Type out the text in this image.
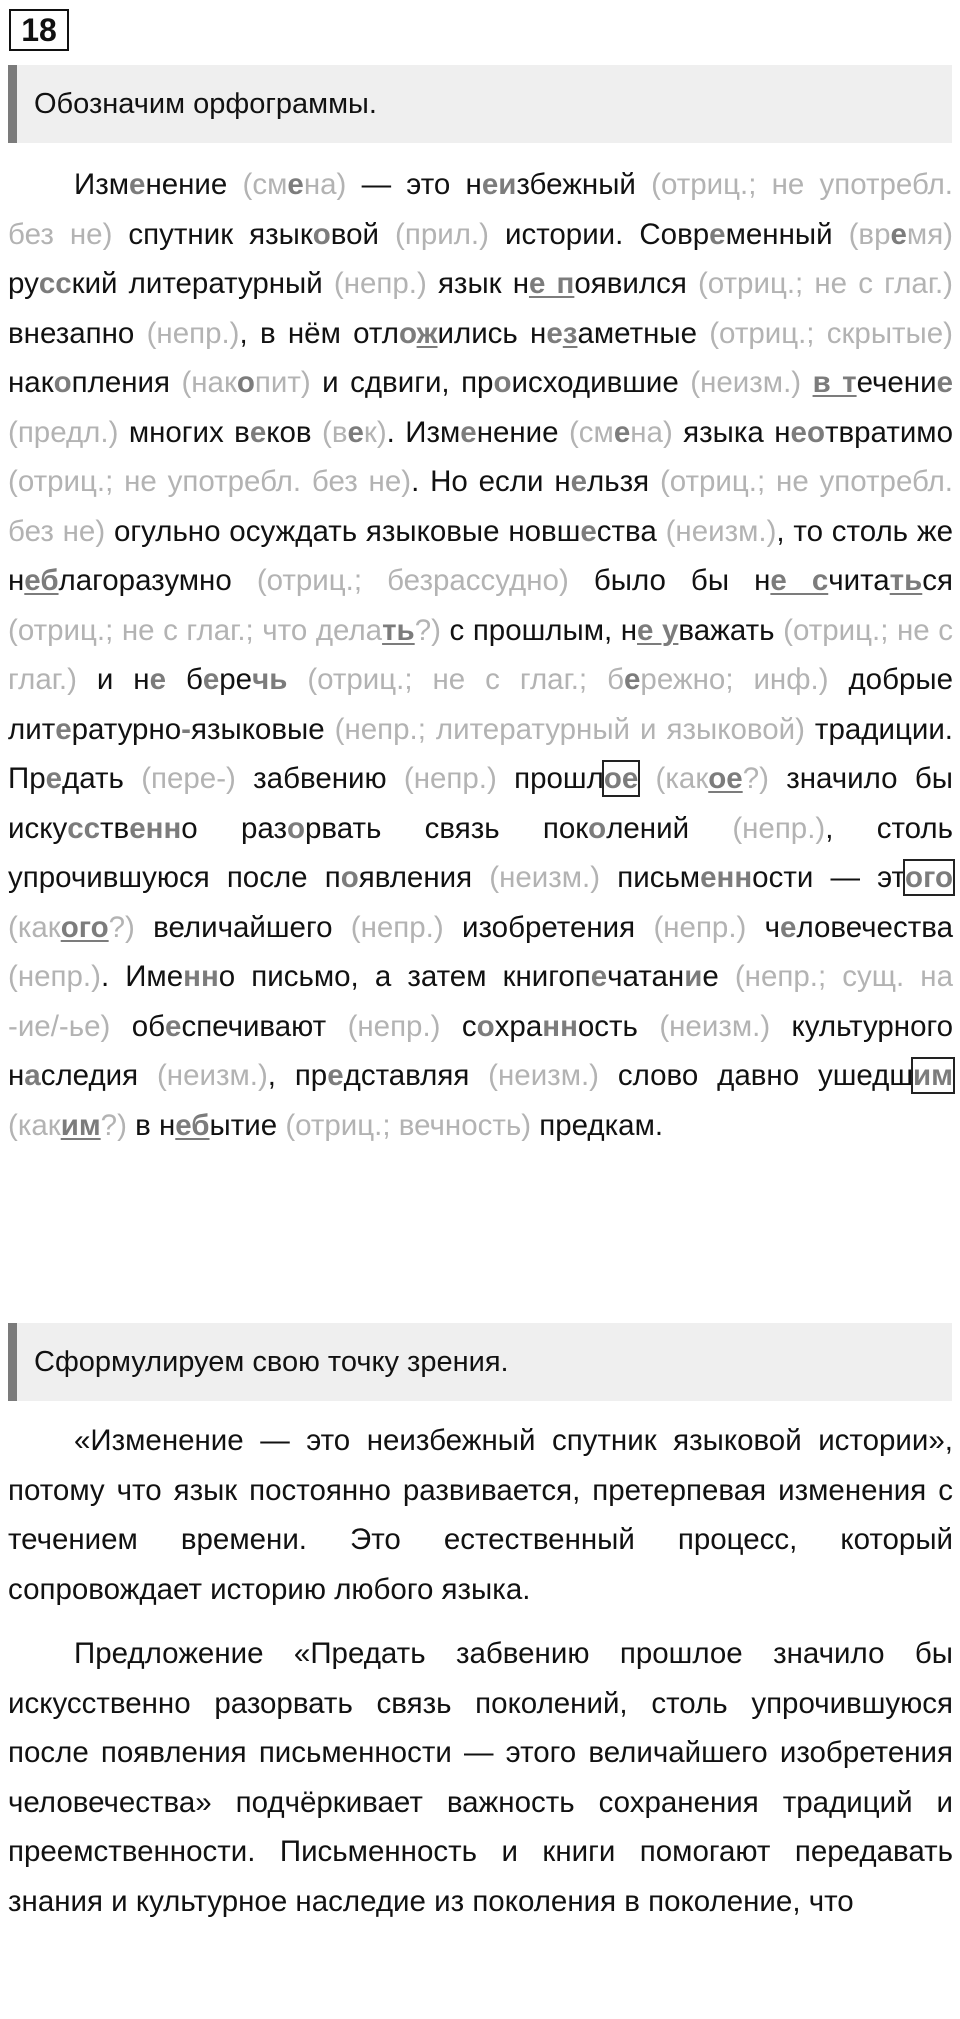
18
Обозначим орфограммы.
Изменение (смена) — это неизбежный (отриц.; не употребл. без не) спутник языковой (прил.) истории. Современный (время) русский литературный (непр.) язык не появился (отриц.; не с глаг.) внезапно (непр.), в нём отложились незаметные (отриц.; скрытые) накопления (накопит) и сдвиги, происходившие (неизм.) в течение (предл.) многих веков (век). Изменение (смена) языка неотвратимо (отриц.; не употребл. без не). Но если нельзя (отриц.; не употребл. без не) огульно осуждать языковые новшества (неизм.), то столь же неблагоразумно (отриц.; безрассудно) было бы не считаться (отриц.; не с глаг.; что делать?) с прошлым, не уважать (отриц.; не с глаг.) и не беречь (отриц.; не с глаг.; бережно; инф.) добрые литературно-языковые (непр.; литературный и языковой) традиции. Предать (пере-) забвению (непр.) прошлое (какое?) значило бы искусственно разорвать связь поколений (непр.), столь упрочившуюся после появления (неизм.) письменности — этого (какого?) величайшего (непр.) изобретения (непр.) человечества (непр.). Именно письмо, а затем книгопечатание (непр.; сущ. на -ие/-ье) обеспечивают (непр.) сохранность (неизм.) культурного наследия (неизм.), представляя (неизм.) слово давно ушедшим (каким?) в небытие (отриц.; вечность) предкам.
Сформулируем свою точку зрения.

«Изменение — это неизбежный спутник языковой истории», потому что язык постоянно развивается, претерпевая изменения с течением времени. Это естественный процесс, который сопровождает историю любого языка.

Предложение «Предать забвению прошлое значило бы искусственно разорвать связь поколений, столь упрочившуюся после появления письменности — этого величайшего изобретения человечества» подчёркивает важность сохранения традиций и преемственности. Письменность и книги помогают передавать знания и культурное наследие из поколения в поколение, что
